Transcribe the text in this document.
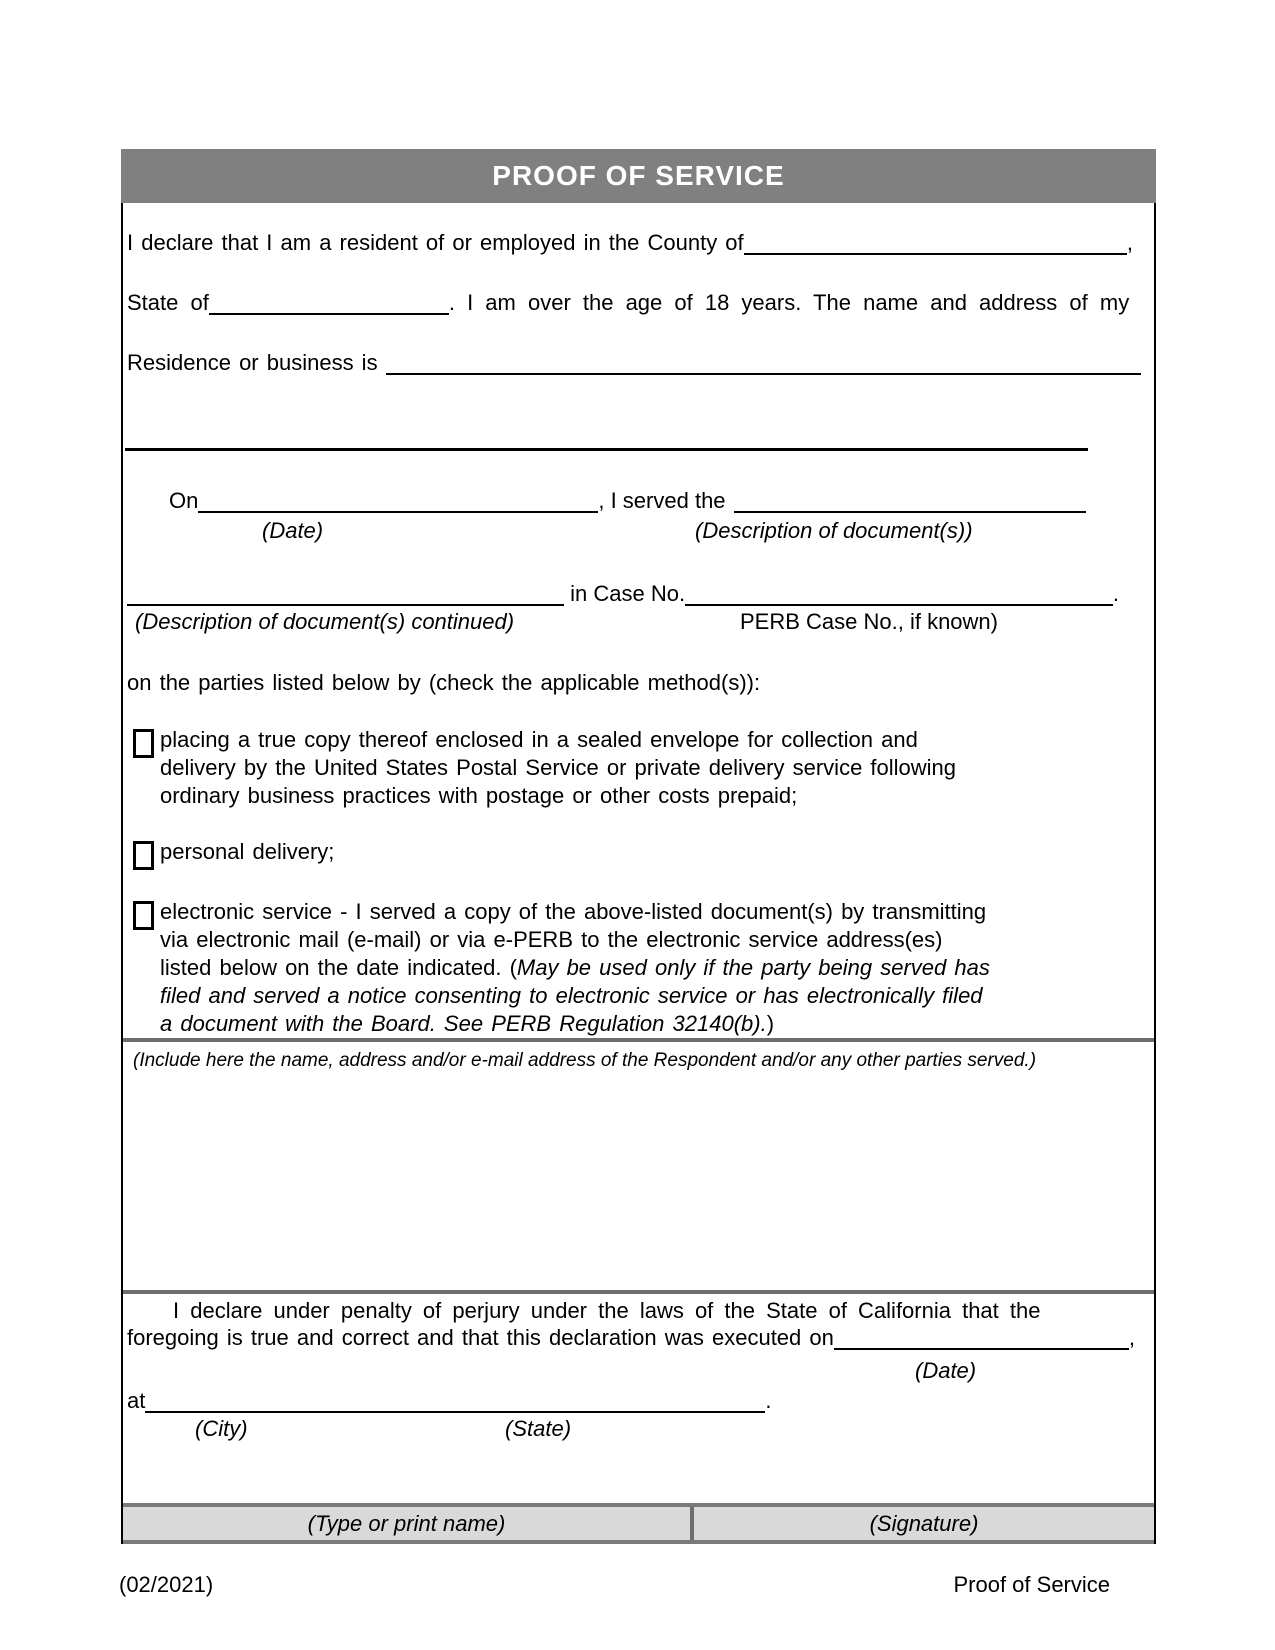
PROOF OF SERVICE
I declare that I am a resident of or employed in the County of	,
State of	. I am over the age of 18 years. The name and address of my
Residence or business is
On	, I served the
(Date)	(Description of document(s))
in Case No.	.
(Description of document(s) continued)	PERB Case No., if known)
on the parties listed below by (check the applicable method(s)):
placing a true copy thereof enclosed in a sealed envelope for collection and delivery by the United States Postal Service or private delivery service following ordinary business practices with postage or other costs prepaid;
personal delivery;
electronic service - I served a copy of the above-listed document(s) by transmitting via electronic mail (e-mail) or via e-PERB to the electronic service address(es) listed below on the date indicated. (May be used only if the party being served has filed and served a notice consenting to electronic service or has electronically filed a document with the Board. See PERB Regulation 32140(b).)
(Include here the name, address and/or e-mail address of the Respondent and/or any other parties served.)
I declare under penalty of perjury under the laws of the State of California that the
foregoing is true and correct and that this declaration was executed on	,
(Date)
at	.
(City)	(State)
(Type or print name)	(Signature)
(02/2021)	Proof of Service
